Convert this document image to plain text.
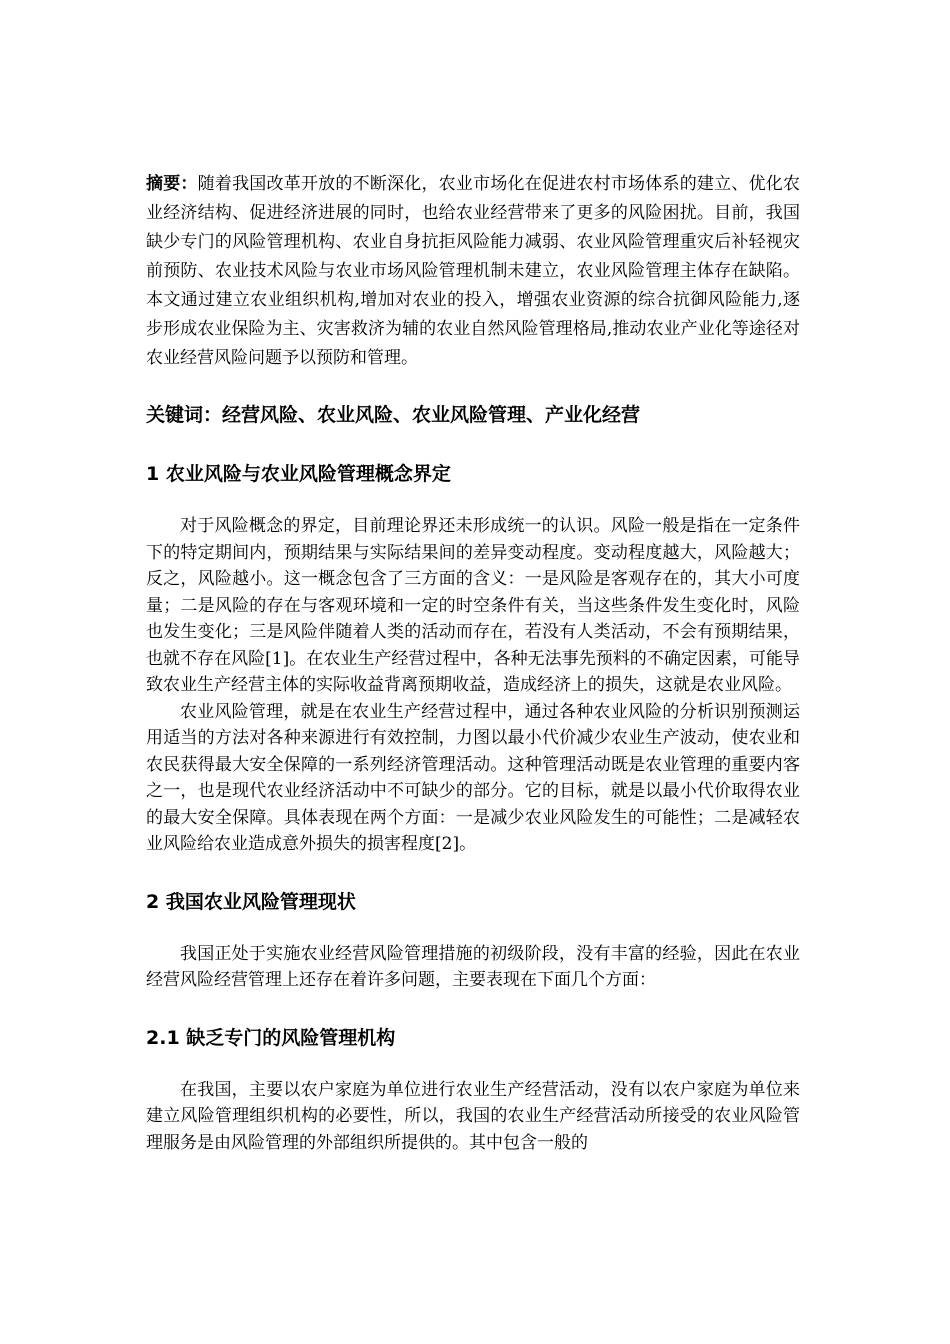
摘要：随着我国改革开放的不断深化，农业市场化在促进农村市场体系的建立、优化农业经济结构、促进经济进展的同时，也给农业经营带来了更多的风险困扰。目前，我国缺少专门的风险管理机构、农业自身抗拒风险能力减弱、农业风险管理重灾后补轻视灾前预防、农业技术风险与农业市场风险管理机制未建立，农业风险管理主体存在缺陷。本文通过建立农业组织机构,增加对农业的投入，增强农业资源的综合抗御风险能力,逐步形成农业保险为主、灾害救济为辅的农业自然风险管理格局,推动农业产业化等途径对农业经营风险问题予以预防和管理。

关键词：经营风险、农业风险、农业风险管理、产业化经营
1 农业风险与农业风险管理概念界定

对于风险概念的界定，目前理论界还未形成统一的认识。风险一般是指在一定条件下的特定期间内，预期结果与实际结果间的差异变动程度。变动程度越大，风险越大；反之，风险越小。这一概念包含了三方面的含义：一是风险是客观存在的，其大小可度量；二是风险的存在与客观环境和一定的时空条件有关，当这些条件发生变化时，风险也发生变化；三是风险伴随着人类的活动而存在，若没有人类活动，不会有预期结果，也就不存在风险[1]。在农业生产经营过程中，各种无法事先预料的不确定因素，可能导致农业生产经营主体的实际收益背离预期收益，造成经济上的损失，这就是农业风险。

农业风险管理，就是在农业生产经营过程中，通过各种农业风险的分析识别预测运用适当的方法对各种来源进行有效控制，力图以最小代价减少农业生产波动，使农业和农民获得最大安全保障的一系列经济管理活动。这种管理活动既是农业管理的重要内客之一，也是现代农业经济活动中不可缺少的部分。它的目标，就是以最小代价取得农业的最大安全保障。具体表现在两个方面：一是减少农业风险发生的可能性；二是减轻农业风险给农业造成意外损失的损害程度[2]。

2 我国农业风险管理现状

我国正处于实施农业经营风险管理措施的初级阶段，没有丰富的经验，因此在农业经营风险经营管理上还存在着许多问题，主要表现在下面几个方面：

2.1 缺乏专门的风险管理机构

在我国，主要以农户家庭为单位进行农业生产经营活动，没有以农户家庭为单位来建立风险管理组织机构的必要性，所以，我国的农业生产经营活动所接受的农业风险管理服务是由风险管理的外部组织所提供的。其中包含一般的
